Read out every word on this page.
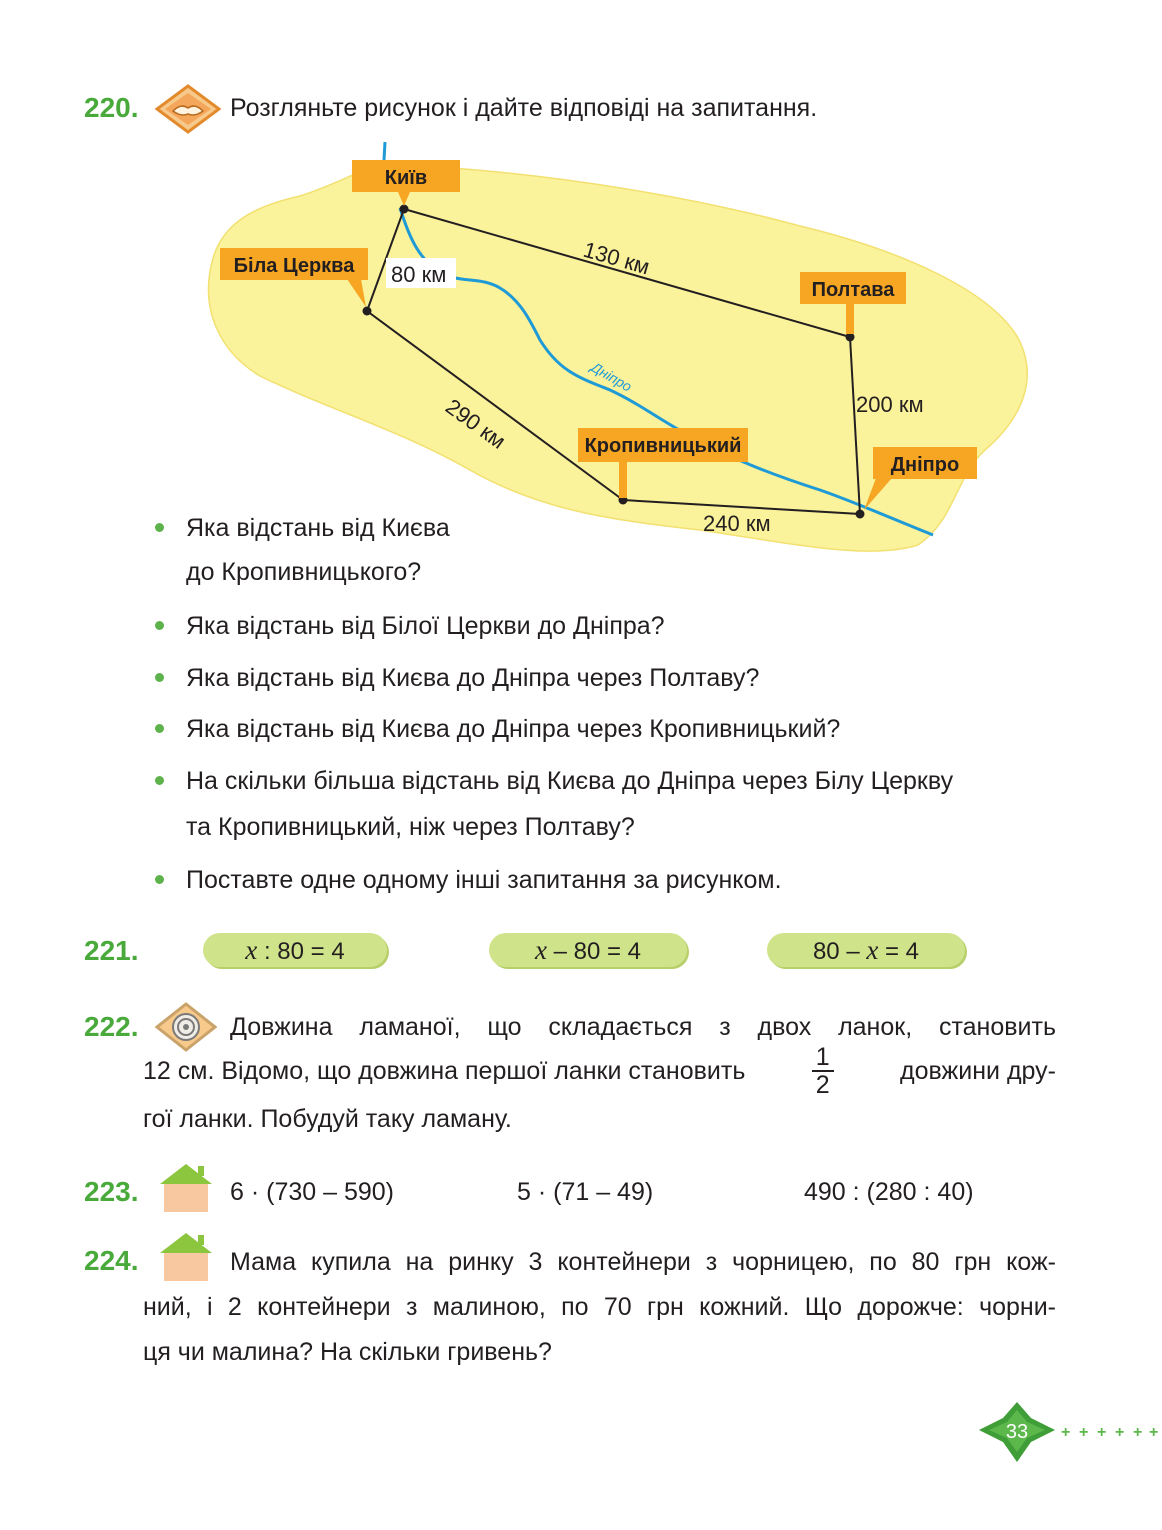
220.	Розгляньте рисунок і дайте відповіді на запитання.
Київ
Біла Церква
Полтава
Кропивницький
Дніпро
80 км	130 км
200 км
290 км
240 км
Дніпро
Яка відстань від Києва
до Кропивницького?
Яка відстань від Білої Церкви до Дніпра?
Яка відстань від Києва до Дніпра через Полтаву?
Яка відстань від Києва до Дніпра через Кропивницький?
На скільки більша відстань від Києва до Дніпра через Білу Церкву
та Кропивницький, ніж через Полтаву?
Поставте одне одному інші запитання за рисунком.
221.	x : 80 = 4	x – 80 = 4	80 – x = 4
222.	Довжина ламаної, що складається з двох ланок, становить
12 см. Відомо, що довжина першої ланки становить	$\frac{1}{2}$	довжини дру-
гої ланки. Побудуй таку ламану.
223.	6 · (730 – 590)	5 · (71 – 49)	490 : (280 : 40)
224.	Мама купила на ринку 3 контейнери з чорницею, по 80 грн кож-
ний, і 2 контейнери з малиною, по 70 грн кожний. Що дорожче: чорни-
ця чи малина? На скільки гривень?
+ + + + + +
33
